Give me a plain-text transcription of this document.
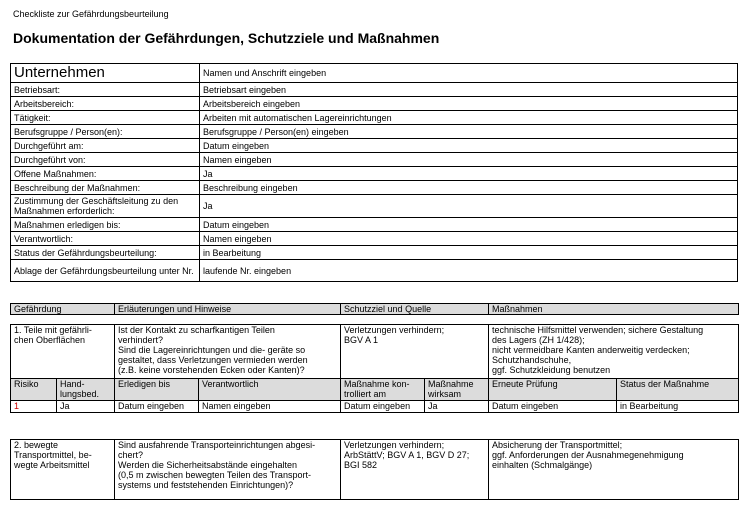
Checkliste zur Gefährdungsbeurteilung
Dokumentation der Gefährdungen, Schutzziele und Maßnahmen
Unternehmen	Namen und Anschrift eingeben
Betriebsart:	Betriebsart eingeben
Arbeitsbereich:	Arbeitsbereich eingeben
Tätigkeit:	Arbeiten mit automatischen Lagereinrichtungen
Berufsgruppe / Person(en):	Berufsgruppe / Person(en) eingeben
Durchgeführt am:	Datum eingeben
Durchgeführt von:	Namen eingeben
Offene Maßnahmen:	Ja
Beschreibung der Maßnahmen:	Beschreibung eingeben
Zustimmung der Geschäftsleitung zu den Maßnahmen erforderlich:	Ja
Maßnahmen erledigen bis:	Datum eingeben
Verantwortlich:	Namen eingeben
Status der Gefährdungsbeurteilung:	in Bearbeitung
Ablage der Gefährdungsbeurteilung unter Nr.	laufende Nr. eingeben
Gefährdung		Erläuterungen und Hinweise		Schutzziel und Quelle		Maßnahmen	

1. Teile mit gefährli-
chen Oberflächen		Ist der Kontakt zu scharfkantigen Teilen
verhindert?
Sind die Lagereinrichtungen und die- geräte so
gestaltet, dass Verletzungen vermieden werden
(z.B. keine vorstehenden Ecken oder Kanten)?		Verletzungen verhindern;
BGV A 1		technische Hilfsmittel verwenden; sichere Gestaltung
des Lagers (ZH 1/428);
nicht vermeidbare Kanten anderweitig verdecken;
Schutzhandschuhe,
ggf. Schutzkleidung benutzen	
Risiko	Hand-
lungsbed.	Erledigen bis	Verantwortlich	Maßnahme kon-
trolliert am	Maßnahme
wirksam	Erneute Prüfung	Status der Maßnahme
1	Ja	Datum eingeben	Namen eingeben	Datum eingeben	Ja	Datum eingeben	in Bearbeitung

2. bewegte
Transportmittel, be-
wegte Arbeitsmittel		Sind ausfahrende Transporteinrichtungen abgesi-
chert?
Werden die Sicherheitsabstände eingehalten
(0,5 m zwischen bewegten Teilen des Transport-
systems und feststehenden Einrichtungen)?		Verletzungen verhindern;
ArbStättV; BGV A 1, BGV D 27;
BGI 582		Absicherung der Transportmittel;
ggf. Anforderungen der Ausnahmegenehmigung
einhalten (Schmalgänge)	
